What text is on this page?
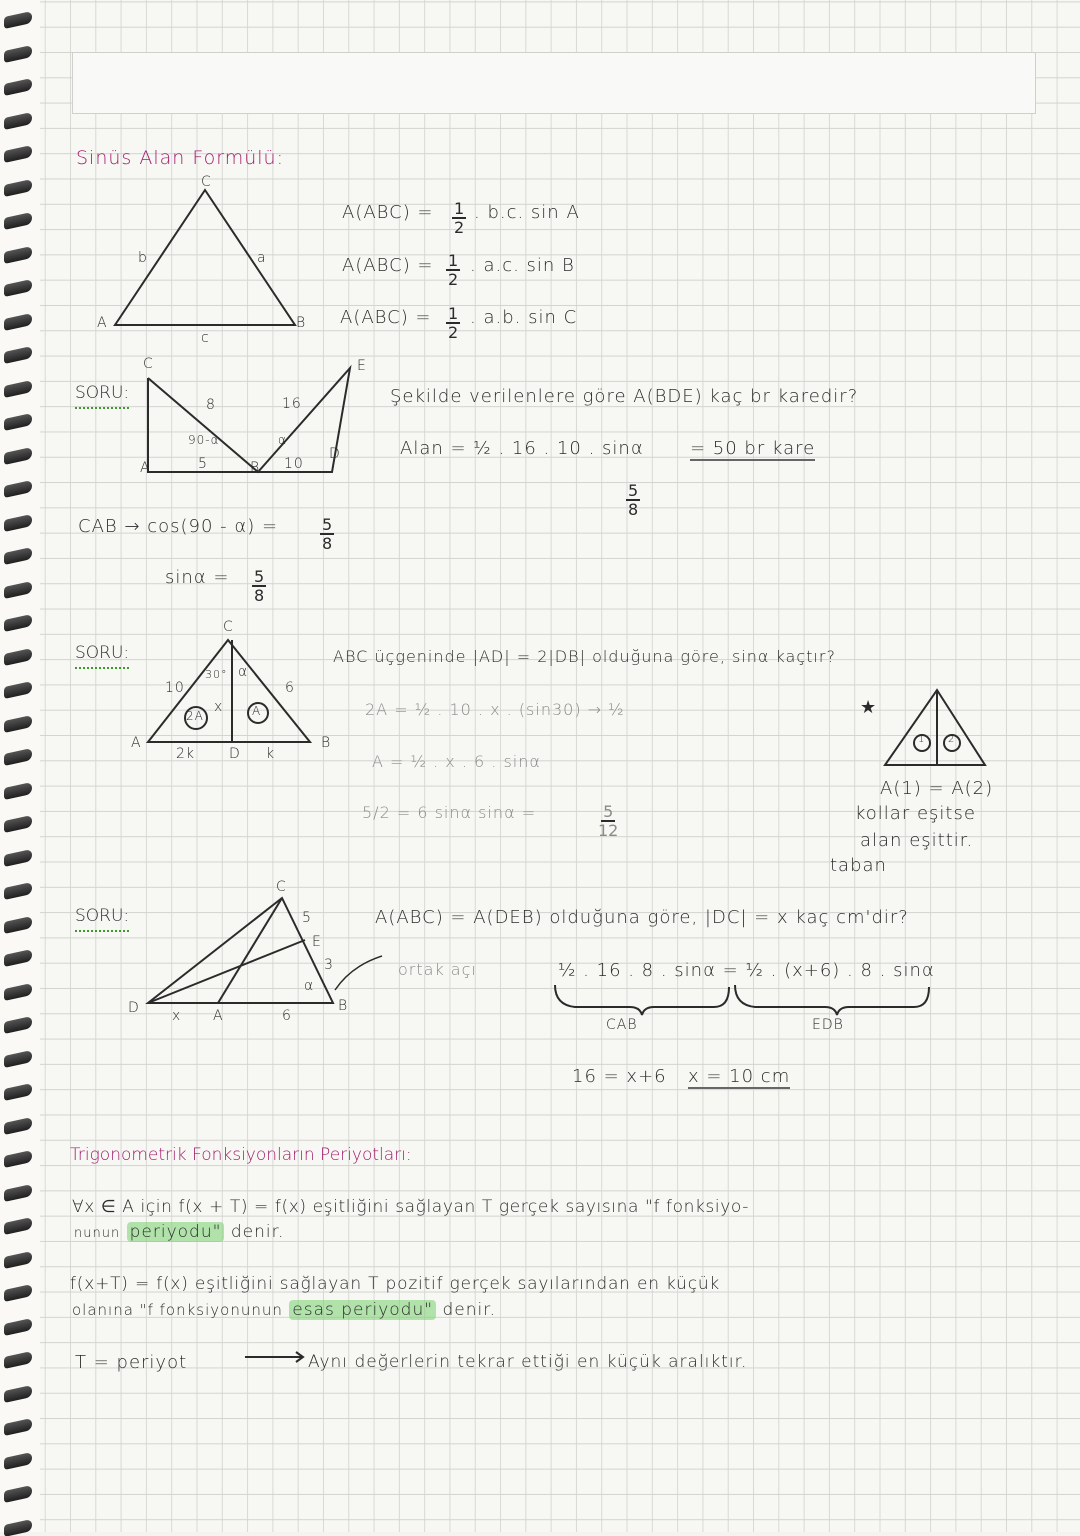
Sinüs Alan Formülü:
C
A	B
b	a
c
$A(ABC) = \frac{1}{2}$ . b.c. sin A
$A(ABC) = \frac{1}{2}$ . a.c. sin B
$A(ABC) = \frac{1}{2}$ . a.b. sin C
SORU:
C	E
A	B
D
8	16
5	10
90-α	α
Şekilde verilenlere göre A(BDE) kaç br karedir?
Alan = ½ . 16 . 10 . sinα	= 50 br kare
$\frac{5}{8}$
CAB → cos(90 - α) =	$\frac{5}{8}$
$\sin\alpha = \frac{5}{8}$
SORU:
C
A	B
D
10	6
30° α
x
2A	A
2k	k
ABC üçgeninde |AD| = 2|DB| olduğuna göre, sinα kaçtır?
2A = ½ . 10 . x . (sin30) → ½
A = ½ . x . 6 . sinα
5/2 = 6 sinα sinα =	$\frac{5}{12}$
★
1 2
A(1) = A(2)
kollar eşitse
alan eşittir.
taban
SORU:
C
E
D	A
B
5
3
x	6
α
A(ABC) = A(DEB) olduğuna göre, |DC| = x kaç cm'dir?
ortak açı	½ . 16 . 8 . sinα = ½ . (x+6) . 8 . sinα
CAB	EDB
16 = x+6 x = 10 cm
Trigonometrik Fonksiyonların Periyotları:
∀x ∈ A için f(x + T) = f(x) eşitliğini sağlayan T gerçek sayısına "f fonksiyo-
nunun periyodu" denir.
f(x+T) = f(x) eşitliğini sağlayan T pozitif gerçek sayılarından en küçük
olanına "f fonksiyonunun esas periyodu" denir.
T = periyot	Aynı değerlerin tekrar ettiği en küçük aralıktır.
